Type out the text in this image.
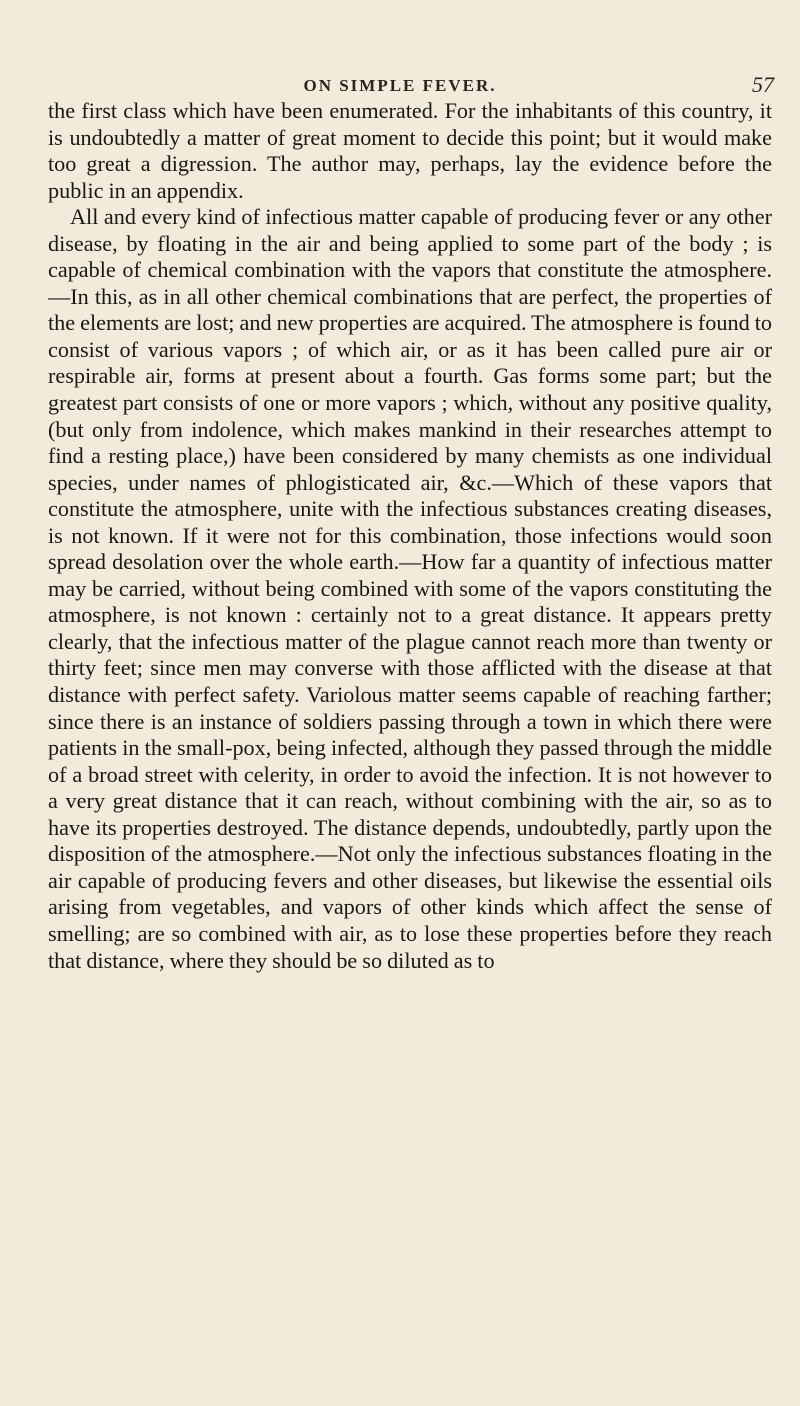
ON SIMPLE FEVER.	57

the first class which have been enumerated. For the inhabitants of this country, it is undoubtedly a matter of great moment to decide this point; but it would make too great a digression. The author may, perhaps, lay the evidence before the public in an appendix.

All and every kind of infectious matter capable of producing fever or any other disease, by floating in the air and being applied to some part of the body ; is capable of chemical combination with the vapors that constitute the atmosphere.—In this, as in all other chemical combinations that are perfect, the properties of the elements are lost; and new properties are acquired. The atmosphere is found to consist of various vapors ; of which air, or as it has been called pure air or respirable air, forms at present about a fourth. Gas forms some part; but the greatest part consists of one or more vapors ; which, without any positive quality, (but only from indolence, which makes mankind in their researches attempt to find a resting place,) have been considered by many chemists as one individual species, under names of phlogisticated air, &c.—Which of these vapors that constitute the atmosphere, unite with the infectious substances creating diseases, is not known. If it were not for this combination, those infections would soon spread desolation over the whole earth.—How far a quantity of infectious matter may be carried, without being combined with some of the vapors constituting the atmosphere, is not known : certainly not to a great distance. It appears pretty clearly, that the infectious matter of the plague cannot reach more than twenty or thirty feet; since men may converse with those afflicted with the disease at that distance with perfect safety. Variolous matter seems capable of reaching farther; since there is an instance of soldiers passing through a town in which there were patients in the small-pox, being infected, although they passed through the middle of a broad street with celerity, in order to avoid the infection. It is not however to a very great distance that it can reach, without combining with the air, so as to have its properties destroyed. The distance depends, undoubtedly, partly upon the disposition of the atmosphere.—Not only the infectious substances floating in the air capable of producing fevers and other diseases, but likewise the essential oils arising from vegetables, and vapors of other kinds which affect the sense of smelling; are so combined with air, as to lose these properties before they reach that distance, where they should be so diluted as to
